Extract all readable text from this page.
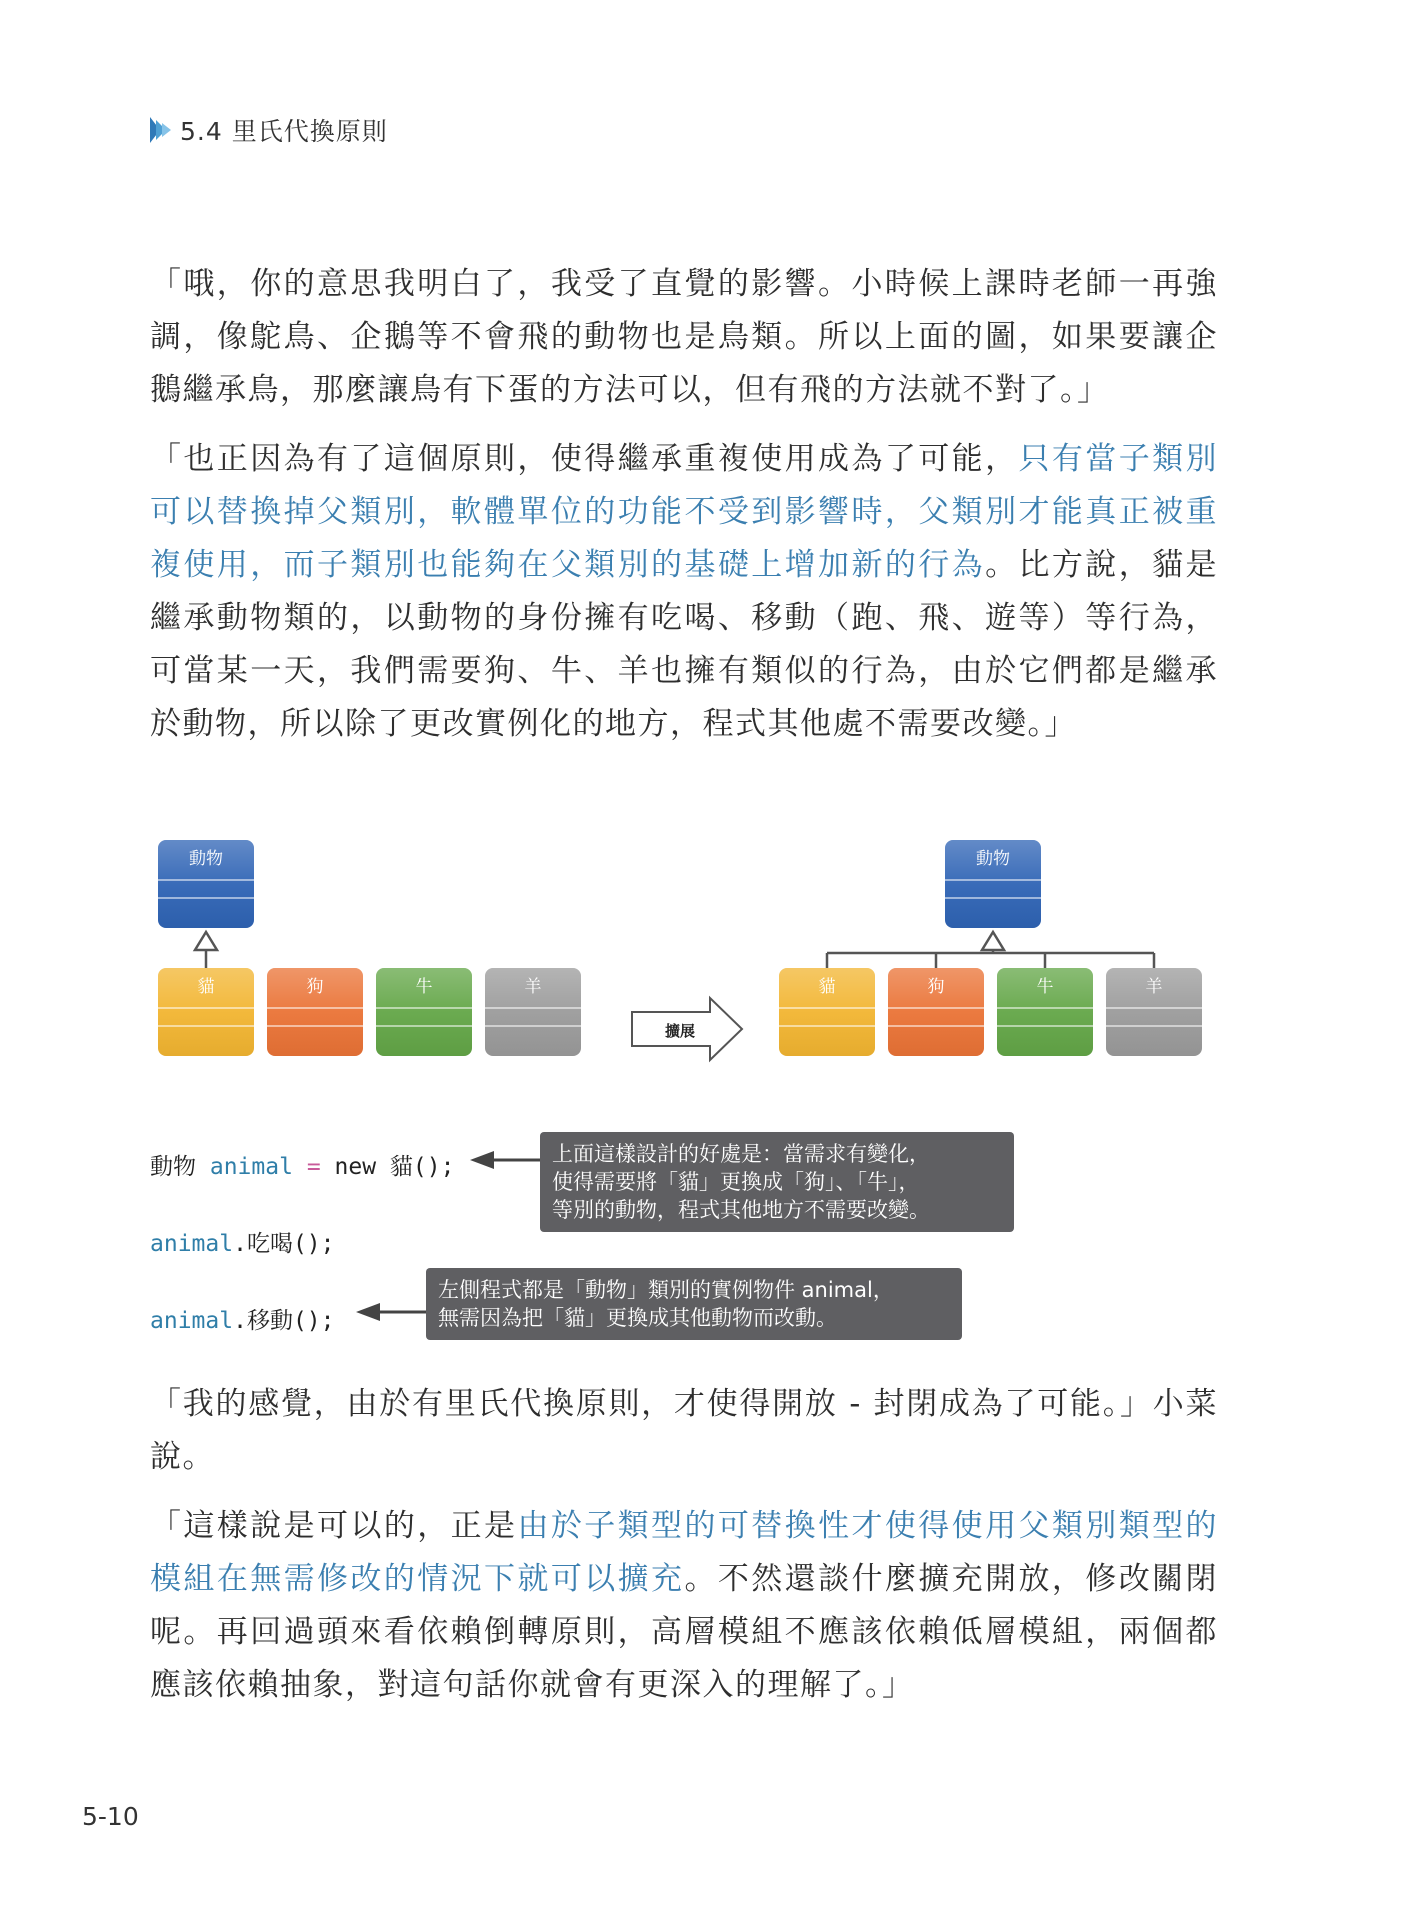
5.4 里氏代換原則
「哦，你的意思我明白了，我受了直覺的影響。小時候上課時老師一再強調，像鴕鳥、企鵝等不會飛的動物也是鳥類。所以上面的圖，如果要讓企鵝繼承鳥，那麼讓鳥有下蛋的方法可以，但有飛的方法就不對了。」
「也正因為有了這個原則，使得繼承重複使用成為了可能，只有當子類別可以替換掉父類別，軟體單位的功能不受到影響時，父類別才能真正被重複使用，而子類別也能夠在父類別的基礎上增加新的行為。比方說，貓是繼承動物類的，以動物的身份擁有吃喝、移動（跑、飛、遊等）等行為，可當某一天，我們需要狗、牛、羊也擁有類似的行為，由於它們都是繼承於動物，所以除了更改實例化的地方，程式其他處不需要改變。」
動物
貓	狗	牛	羊
擴展
動物
貓	狗	牛	羊
動物 animal = new 貓();
animal.吃喝();
animal.移動();
上面這樣設計的好處是：當需求有變化，
使得需要將「貓」更換成「狗」、「牛」，
等別的動物，程式其他地方不需要改變。
左側程式都是「動物」類別的實例物件 animal，
無需因為把「貓」更換成其他動物而改動。
「我的感覺，由於有里氏代換原則，才使得開放 - 封閉成為了可能。」小菜說。
「這樣說是可以的，正是由於子類型的可替換性才使得使用父類別類型的模組在無需修改的情況下就可以擴充。不然還談什麼擴充開放，修改關閉呢。再回過頭來看依賴倒轉原則，高層模組不應該依賴低層模組，兩個都應該依賴抽象，對這句話你就會有更深入的理解了。」
5-10
